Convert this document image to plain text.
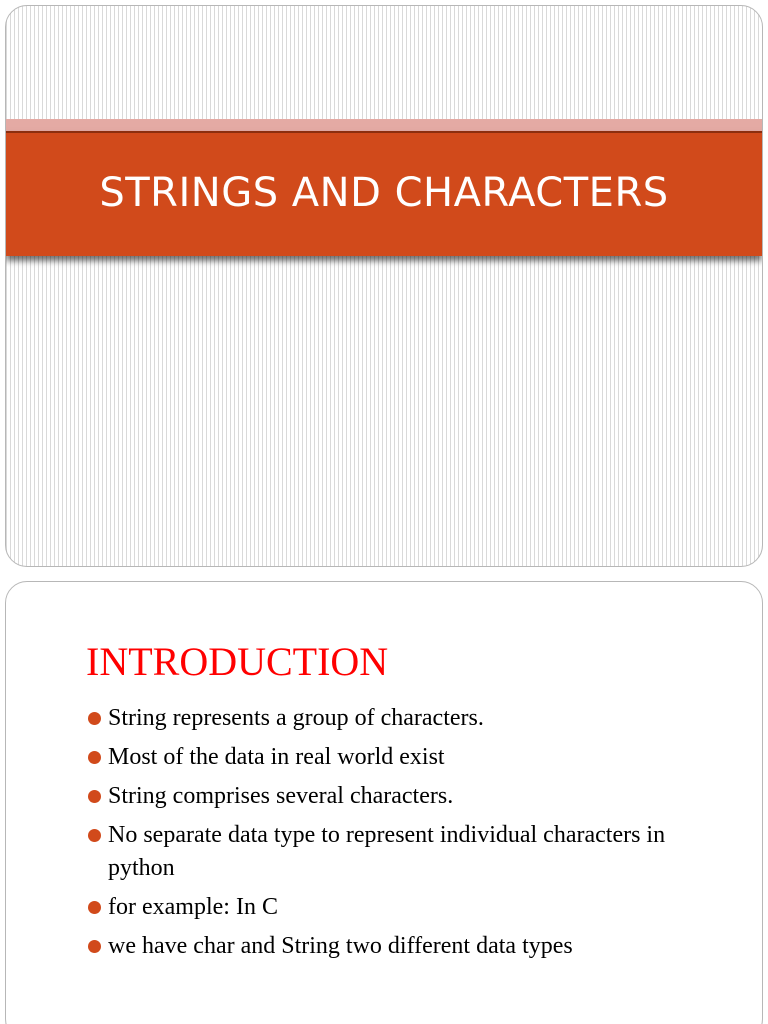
STRINGS AND CHARACTERS
INTRODUCTION
String represents a group of characters.
Most of the data in real world exist
String comprises several characters.
No separate data type to represent individual characters in python
for example: In C
we have char and String two different data types
